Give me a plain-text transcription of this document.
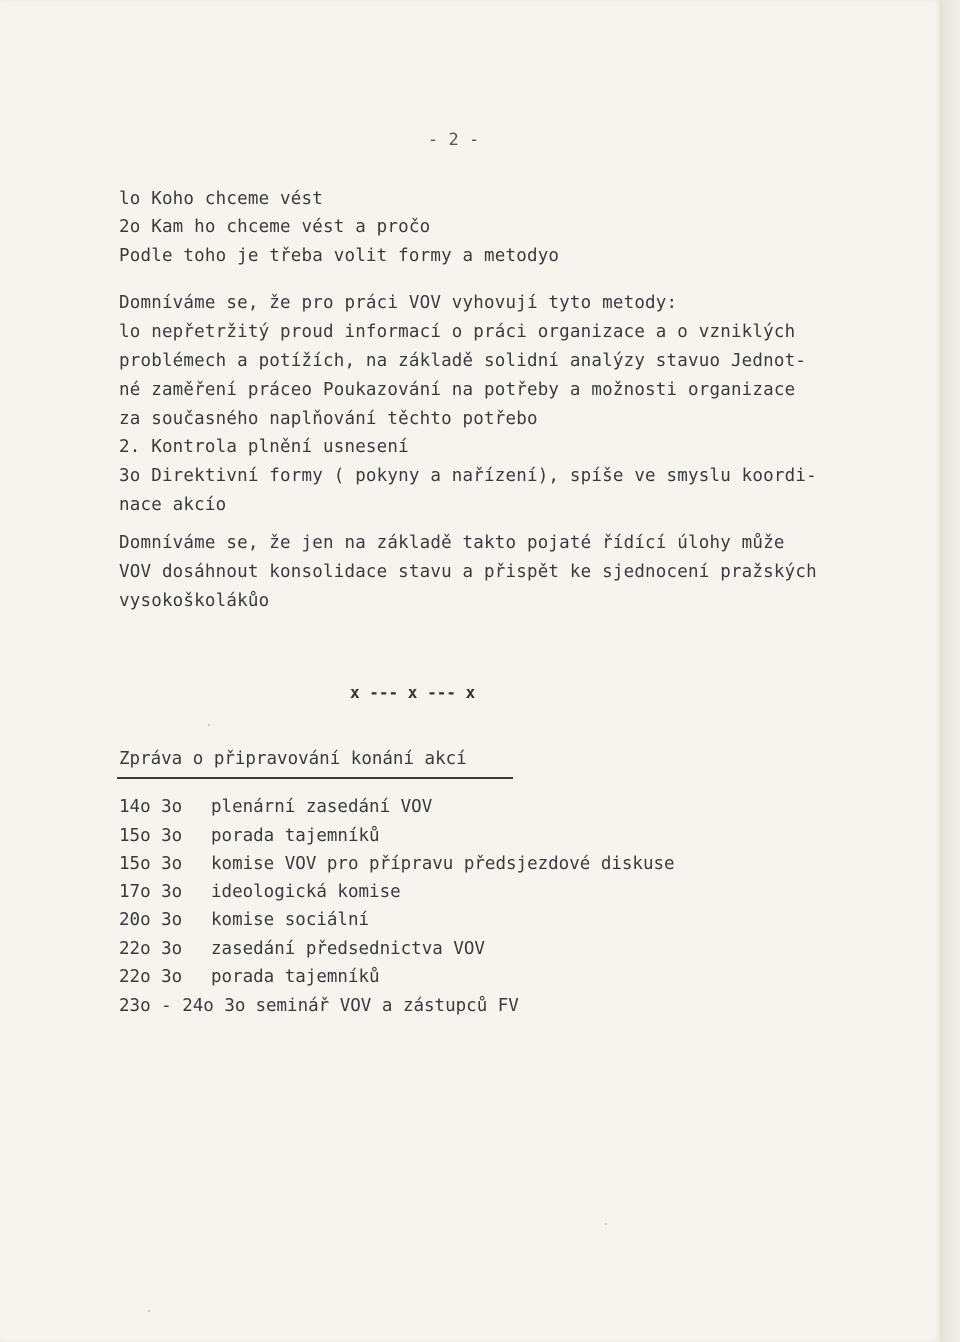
- 2 -
lo Koho chceme vést
2o Kam ho chceme vést a pročo
Podle toho je třeba volit formy a metodyo
Domníváme se, že pro práci VOV vyhovují tyto metody:
lo nepřetržitý proud informací o práci organizace a o vzniklých
problémech a potížích, na základě solidní analýzy stavuo Jednot-
né zaměření práceo Poukazování na potřeby a možnosti organizace
za současného naplňování těchto potřebo
2. Kontrola plnění usnesení
3o Direktivní formy ( pokyny a nařízení), spíše ve smyslu koordi-
nace akcío
Domníváme se, že jen na základě takto pojaté řídící úlohy může
VOV dosáhnout konsolidace stavu a přispět ke sjednocení pražských
vysokoškolákůo
x --- x --- x
Zpráva o připravování konání akcí
14o 3o plenární zasedání VOV
15o 3o porada tajemníků
15o 3o komise VOV pro přípravu předsjezdové diskuse
17o 3o ideologická komise
20o 3o komise sociální
22o 3o zasedání předsednictva VOV
22o 3o porada tajemníků
23o - 24o 3o seminář VOV a zástupců FV
